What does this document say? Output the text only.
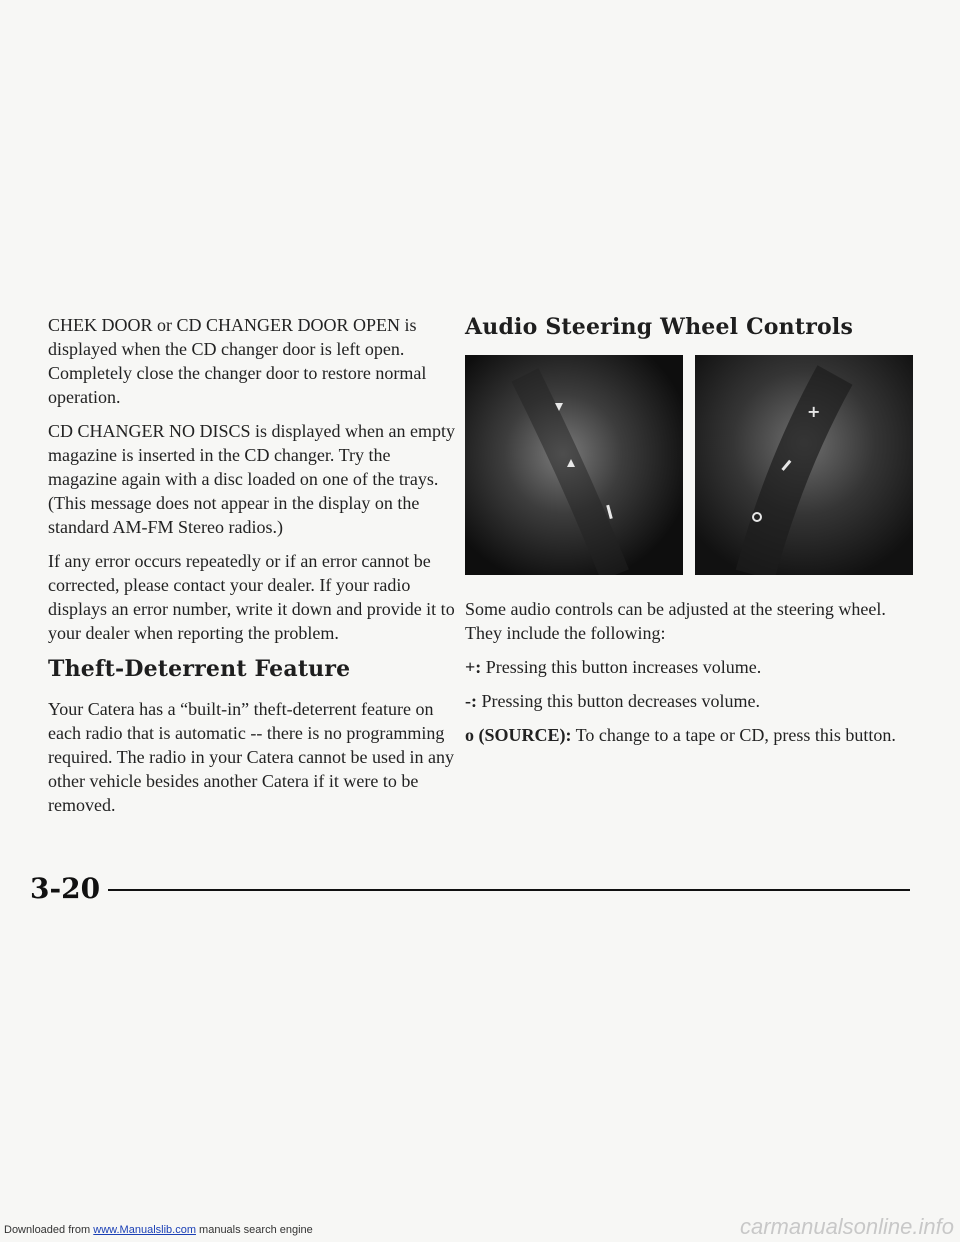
CHEK DOOR or CD CHANGER DOOR OPEN is displayed when the CD changer door is left open. Completely close the changer door to restore normal operation.

CD CHANGER NO DISCS is displayed when an empty magazine is inserted in the CD changer. Try the magazine again with a disc loaded on one of the trays. (This message does not appear in the display on the standard AM-FM Stereo radios.)

If any error occurs repeatedly or if an error cannot be corrected, please contact your dealer. If your radio displays an error number, write it down and provide it to your dealer when reporting the problem.

Theft-Deterrent Feature

Your Catera has a “built-in” theft-deterrent feature on each radio that is automatic -- there is no programming required. The radio in your Catera cannot be used in any other vehicle besides another Catera if it were to be removed.

Audio Steering Wheel Controls
+

Some audio controls can be adjusted at the steering wheel. They include the following:

+: Pressing this button increases volume.

-: Pressing this button decreases volume.

o (SOURCE): To change to a tape or CD, press this button.

3-20
Downloaded from www.Manualslib.com manuals search engine	carmanualsonline.info
